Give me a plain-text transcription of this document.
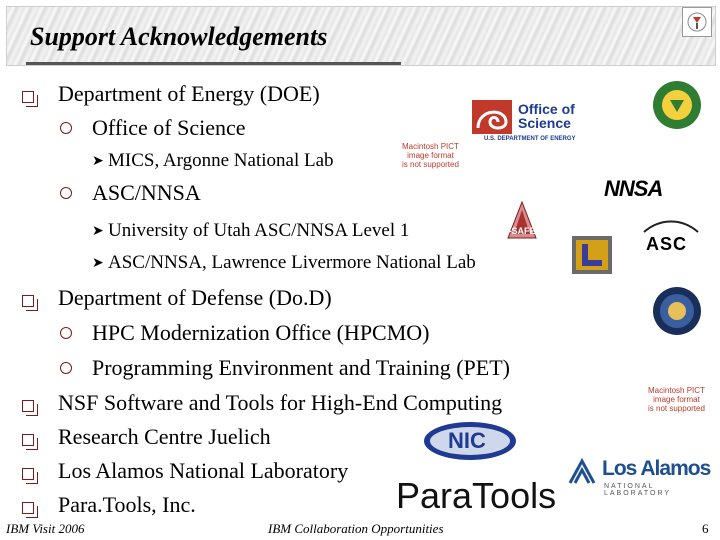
Support Acknowledgements
Department of Energy (DOE)
Office of Science
➤ MICS, Argonne National Lab
ASC/NNSA
➤ University of Utah ASC/NNSA Level 1
➤ ASC/NNSA, Lawrence Livermore National Lab
Department of Defense (Do.D)
HPC Modernization Office (HPCMO)
Programming Environment and Training (PET)
NSF Software and Tools for High-End Computing
Research Centre Juelich
Los Alamos National Laboratory
Para.Tools, Inc.
Office of
Science
U.S. DEPARTMENT OF ENERGY
Macintosh PICT
image format
is not supported
NNSA
C-SAFE
ASC
Macintosh PICT
image format
is not supported
NIC
Los Alamos
NATIONAL LABORATORY
ParaTools
IBM Visit 2006	IBM Collaboration Opportunities	6
